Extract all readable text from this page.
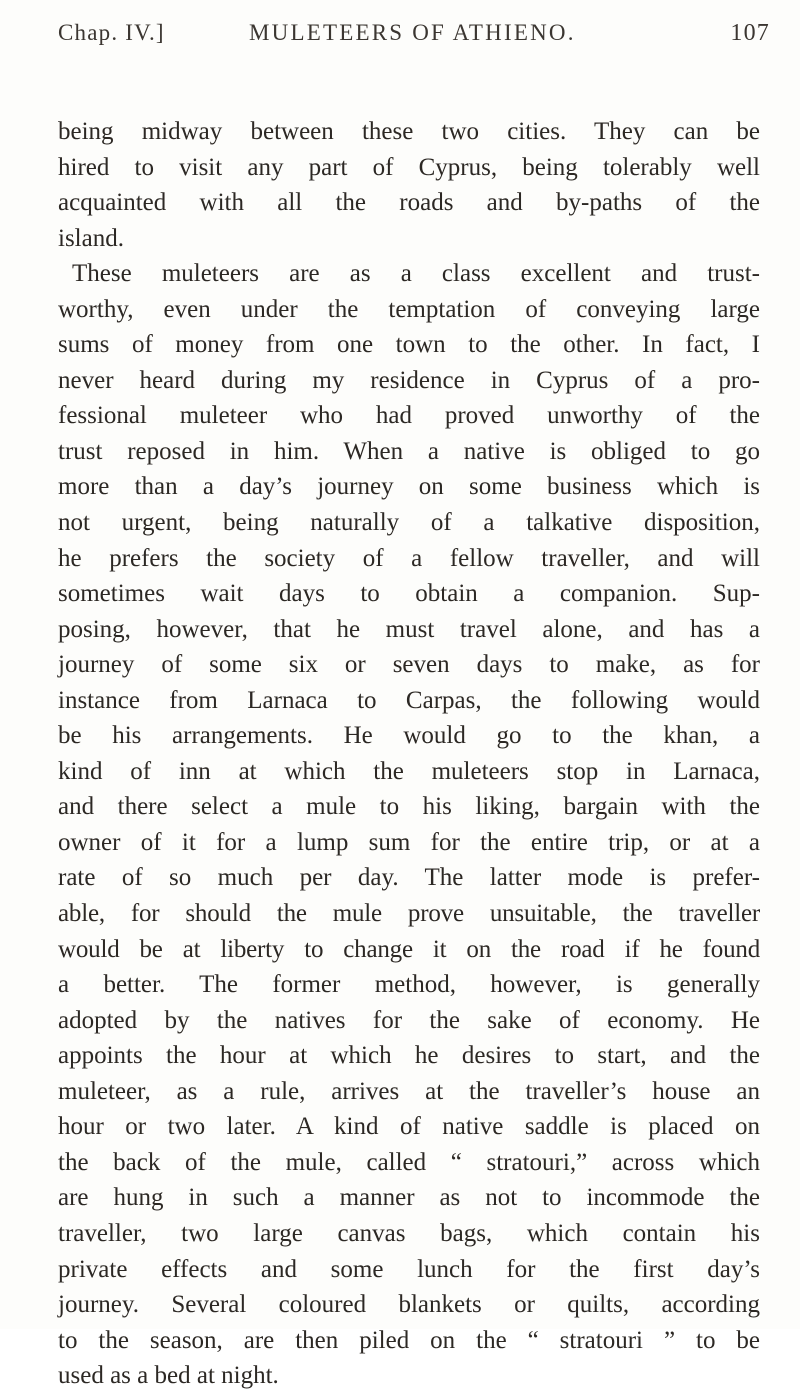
Chap. IV.]	MULETEERS OF ATHIENO.	107
being midway between these two cities. They can be
hired to visit any part of Cyprus, being tolerably well
acquainted with all the roads and by-paths of the
island.
These muleteers are as a class excellent and trust-
worthy, even under the temptation of conveying large
sums of money from one town to the other. In fact, I
never heard during my residence in Cyprus of a pro-
fessional muleteer who had proved unworthy of the
trust reposed in him. When a native is obliged to go
more than a day’s journey on some business which is
not urgent, being naturally of a talkative disposition,
he prefers the society of a fellow traveller, and will
sometimes wait days to obtain a companion. Sup-
posing, however, that he must travel alone, and has a
journey of some six or seven days to make, as for
instance from Larnaca to Carpas, the following would
be his arrangements. He would go to the khan, a
kind of inn at which the muleteers stop in Larnaca,
and there select a mule to his liking, bargain with the
owner of it for a lump sum for the entire trip, or at a
rate of so much per day. The latter mode is prefer-
able, for should the mule prove unsuitable, the traveller
would be at liberty to change it on the road if he found
a better. The former method, however, is generally
adopted by the natives for the sake of economy. He
appoints the hour at which he desires to start, and the
muleteer, as a rule, arrives at the traveller’s house an
hour or two later. A kind of native saddle is placed on
the back of the mule, called “ stratouri,” across which
are hung in such a manner as not to incommode the
traveller, two large canvas bags, which contain his
private effects and some lunch for the first day’s
journey. Several coloured blankets or quilts, according
to the season, are then piled on the “ stratouri ” to be
used as a bed at night.
